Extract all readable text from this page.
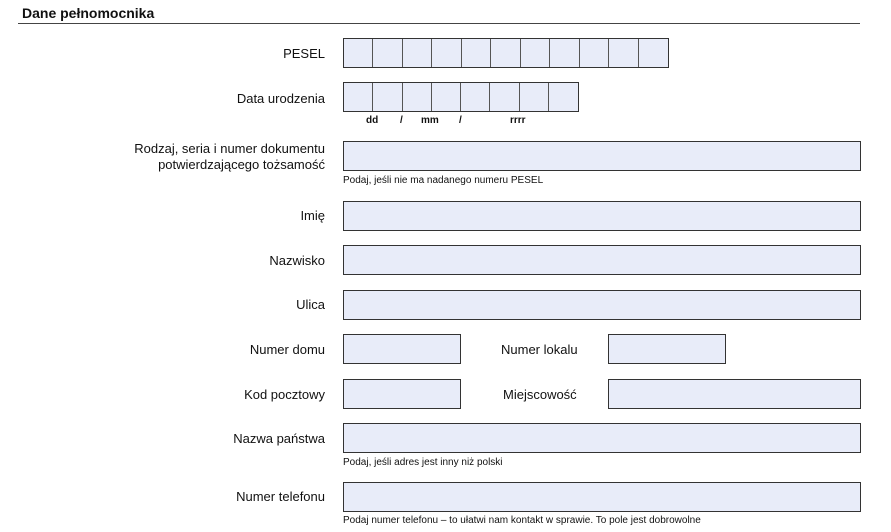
Dane pełnomocnika
PESEL
Data urodzenia
dd / mm /	rrrr
Rodzaj, seria i numer dokumentu
potwierdzającego tożsamość
Podaj, jeśli nie ma nadanego numeru PESEL
Imię
Nazwisko
Ulica
Numer domu	Numer lokalu
Kod pocztowy	Miejscowość
Nazwa państwa
Podaj, jeśli adres jest inny niż polski
Numer telefonu
Podaj numer telefonu – to ułatwi nam kontakt w sprawie. To pole jest dobrowolne
